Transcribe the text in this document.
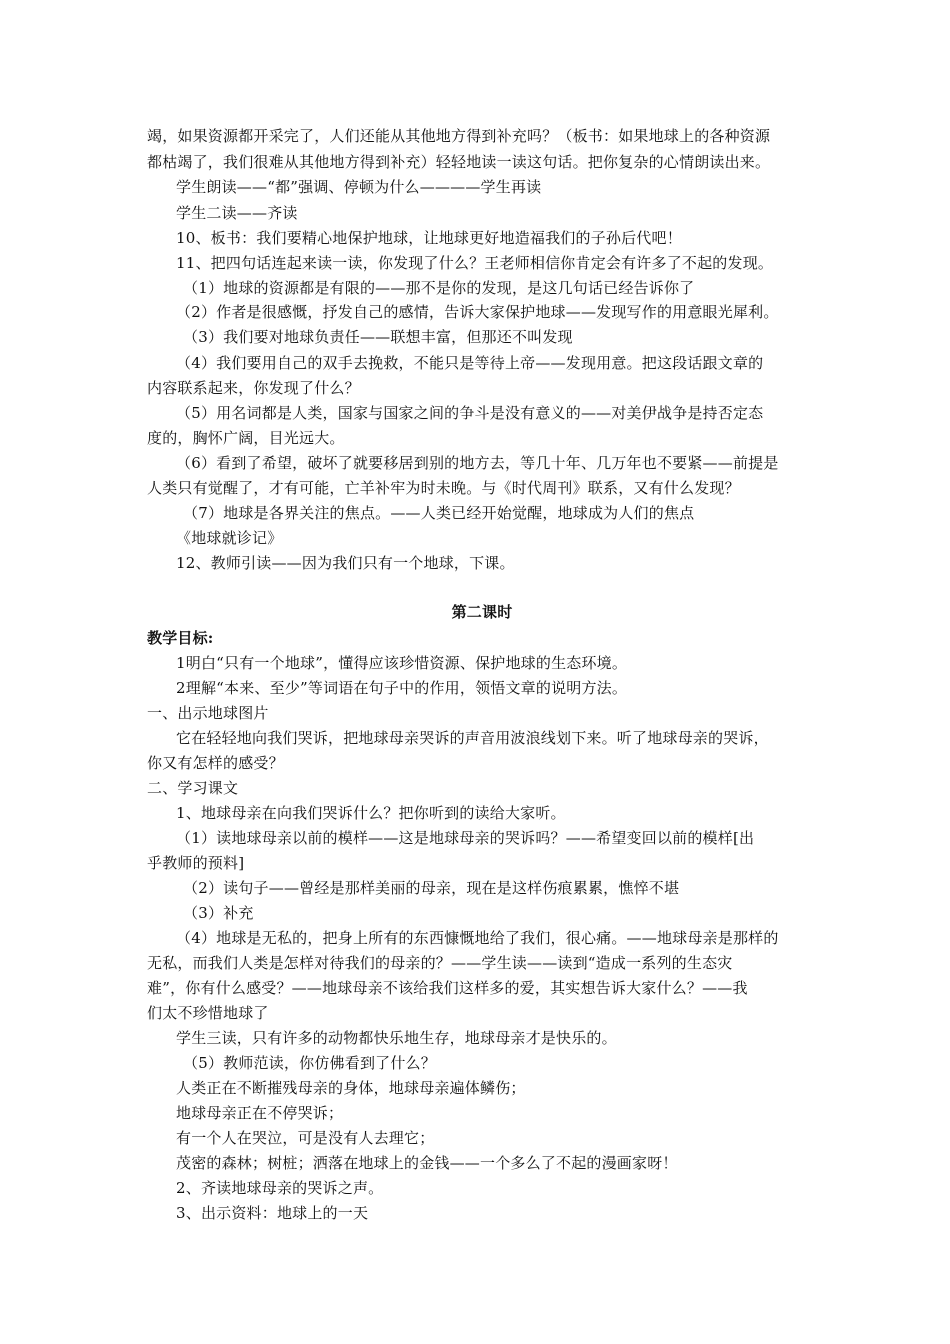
竭，如果资源都开采完了，人们还能从其他地方得到补充吗？（板书：如果地球上的各种资源
都枯竭了，我们很难从其他地方得到补充）轻轻地读一读这句话。把你复杂的心情朗读出来。
学生朗读——“都”强调、停顿为什么————学生再读
学生二读——齐读
10、板书：我们要精心地保护地球，让地球更好地造福我们的子孙后代吧！
11、把四句话连起来读一读，你发现了什么？王老师相信你肯定会有许多了不起的发现。
（1）地球的资源都是有限的——那不是你的发现，是这几句话已经告诉你了
（2）作者是很感慨，抒发自己的感情，告诉大家保护地球——发现写作的用意眼光犀利。
（3）我们要对地球负责任——联想丰富，但那还不叫发现
（4）我们要用自己的双手去挽救，不能只是等待上帝——发现用意。把这段话跟文章的
内容联系起来，你发现了什么？
（5）用名词都是人类，国家与国家之间的争斗是没有意义的——对美伊战争是持否定态
度的，胸怀广阔，目光远大。
（6）看到了希望，破坏了就要移居到别的地方去，等几十年、几万年也不要紧——前提是
人类只有觉醒了，才有可能，亡羊补牢为时未晚。与《时代周刊》联系，又有什么发现？
（7）地球是各界关注的焦点。——人类已经开始觉醒，地球成为人们的焦点
《地球就诊记》
12、教师引读——因为我们只有一个地球，下课。
第二课时
教学目标:
1明白“只有一个地球”，懂得应该珍惜资源、保护地球的生态环境。
2理解“本来、至少”等词语在句子中的作用，领悟文章的说明方法。
一、出示地球图片
它在轻轻地向我们哭诉，把地球母亲哭诉的声音用波浪线划下来。听了地球母亲的哭诉，
你又有怎样的感受？
二、学习课文
1、地球母亲在向我们哭诉什么？把你听到的读给大家听。
（1）读地球母亲以前的模样——这是地球母亲的哭诉吗？——希望变回以前的模样[出
乎教师的预料]
（2）读句子——曾经是那样美丽的母亲，现在是这样伤痕累累，憔悴不堪
（3）补充
（4）地球是无私的，把身上所有的东西慷慨地给了我们，很心痛。——地球母亲是那样的
无私，而我们人类是怎样对待我们的母亲的？——学生读——读到“造成一系列的生态灾
难”，你有什么感受？——地球母亲不该给我们这样多的爱，其实想告诉大家什么？——我
们太不珍惜地球了
学生三读，只有许多的动物都快乐地生存，地球母亲才是快乐的。
（5）教师范读，你仿佛看到了什么？
人类正在不断摧残母亲的身体，地球母亲遍体鳞伤；
地球母亲正在不停哭诉；
有一个人在哭泣，可是没有人去理它；
茂密的森林；树桩；洒落在地球上的金钱——一个多么了不起的漫画家呀！
2、齐读地球母亲的哭诉之声。
3、出示资料：地球上的一天
